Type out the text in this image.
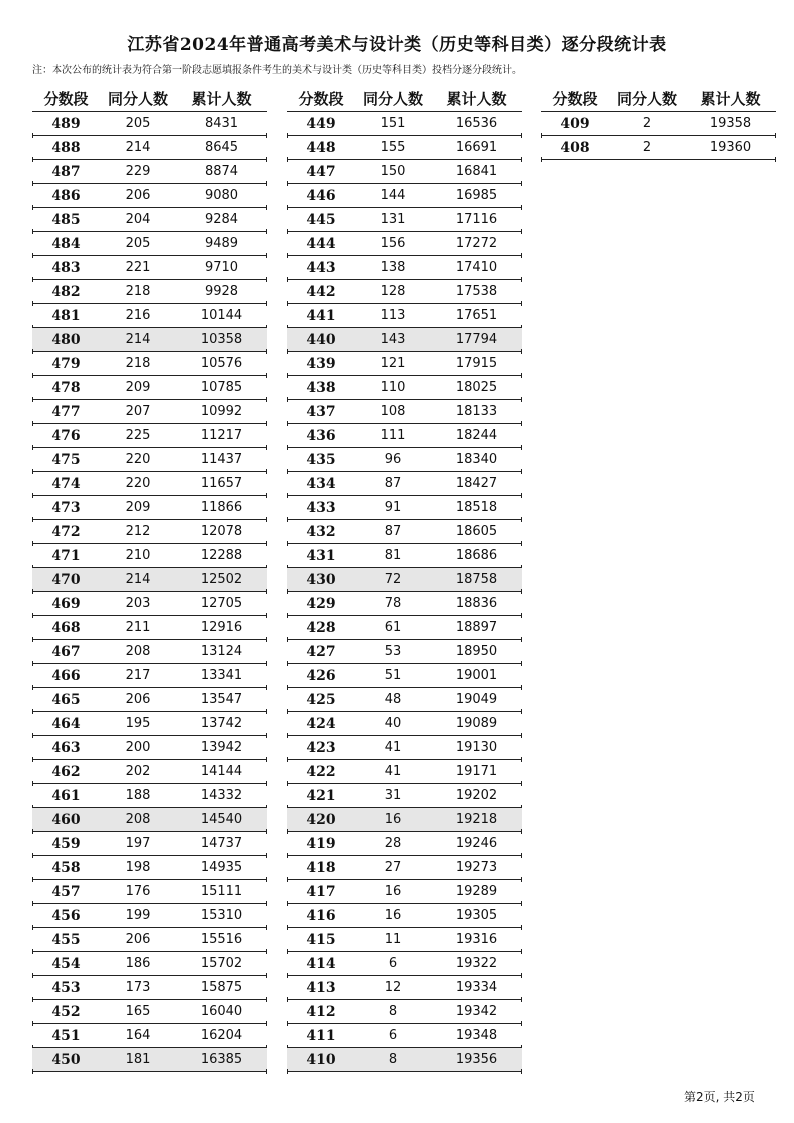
江苏省2024年普通高考美术与设计类（历史等科目类）逐分段统计表
注：本次公布的统计表为符合第一阶段志愿填报条件考生的美术与设计类（历史等科目类）投档分逐分段统计。
分数段	同分人数	累计人数
489	205	8431
488	214	8645
487	229	8874
486	206	9080
485	204	9284
484	205	9489
483	221	9710
482	218	9928
481	216	10144
480	214	10358
479	218	10576
478	209	10785
477	207	10992
476	225	11217
475	220	11437
474	220	11657
473	209	11866
472	212	12078
471	210	12288
470	214	12502
469	203	12705
468	211	12916
467	208	13124
466	217	13341
465	206	13547
464	195	13742
463	200	13942
462	202	14144
461	188	14332
460	208	14540
459	197	14737
458	198	14935
457	176	15111
456	199	15310
455	206	15516
454	186	15702
453	173	15875
452	165	16040
451	164	16204
450	181	16385
分数段	同分人数	累计人数
449	151	16536
448	155	16691
447	150	16841
446	144	16985
445	131	17116
444	156	17272
443	138	17410
442	128	17538
441	113	17651
440	143	17794
439	121	17915
438	110	18025
437	108	18133
436	111	18244
435	96	18340
434	87	18427
433	91	18518
432	87	18605
431	81	18686
430	72	18758
429	78	18836
428	61	18897
427	53	18950
426	51	19001
425	48	19049
424	40	19089
423	41	19130
422	41	19171
421	31	19202
420	16	19218
419	28	19246
418	27	19273
417	16	19289
416	16	19305
415	11	19316
414	6	19322
413	12	19334
412	8	19342
411	6	19348
410	8	19356
分数段	同分人数	累计人数
409	2	19358
408	2	19360
第2页, 共2页
